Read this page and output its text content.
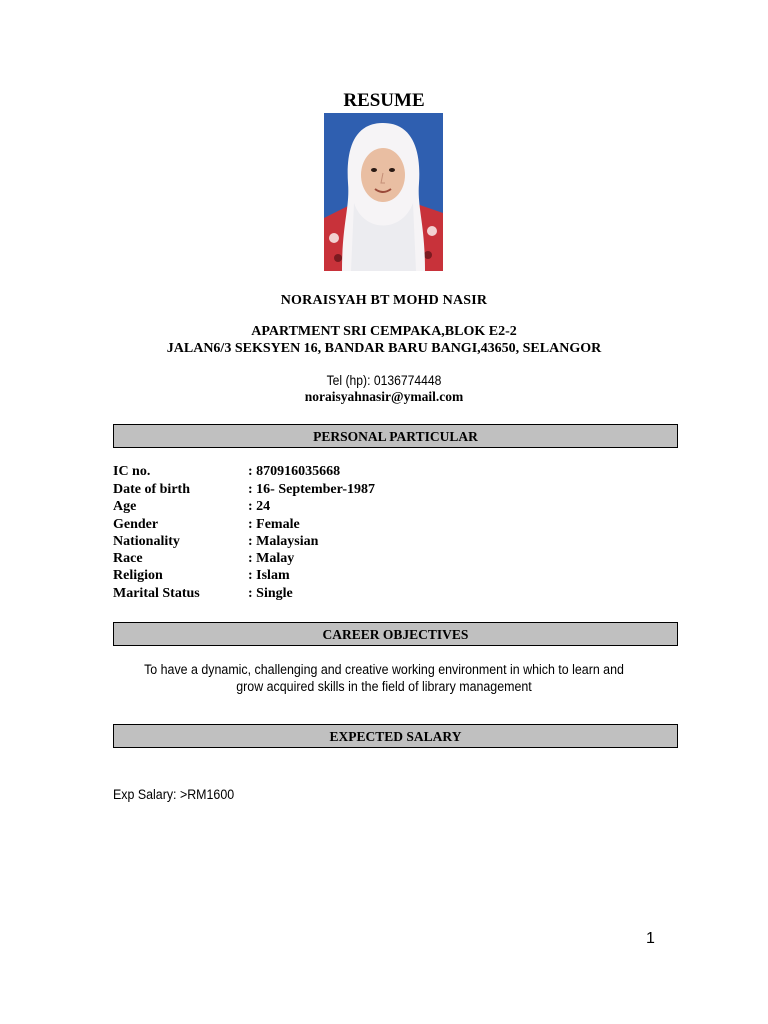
RESUME
NORAISYAH BT MOHD NASIR
APARTMENT SRI CEMPAKA,BLOK E2-2
JALAN6/3 SEKSYEN 16, BANDAR BARU BANGI,43650, SELANGOR
Tel (hp): 0136774448
noraisyahnasir@ymail.com
PERSONAL PARTICULAR
IC no.	: 870916035668
Date of birth	: 16- September-1987
Age	: 24
Gender	: Female
Nationality	: Malaysian
Race	: Malay
Religion	: Islam
Marital Status	: Single
CAREER OBJECTIVES
To have a dynamic, challenging and creative working environment in which to learn and
grow acquired skills in the field of library management
EXPECTED SALARY
Exp Salary: >RM1600
1
